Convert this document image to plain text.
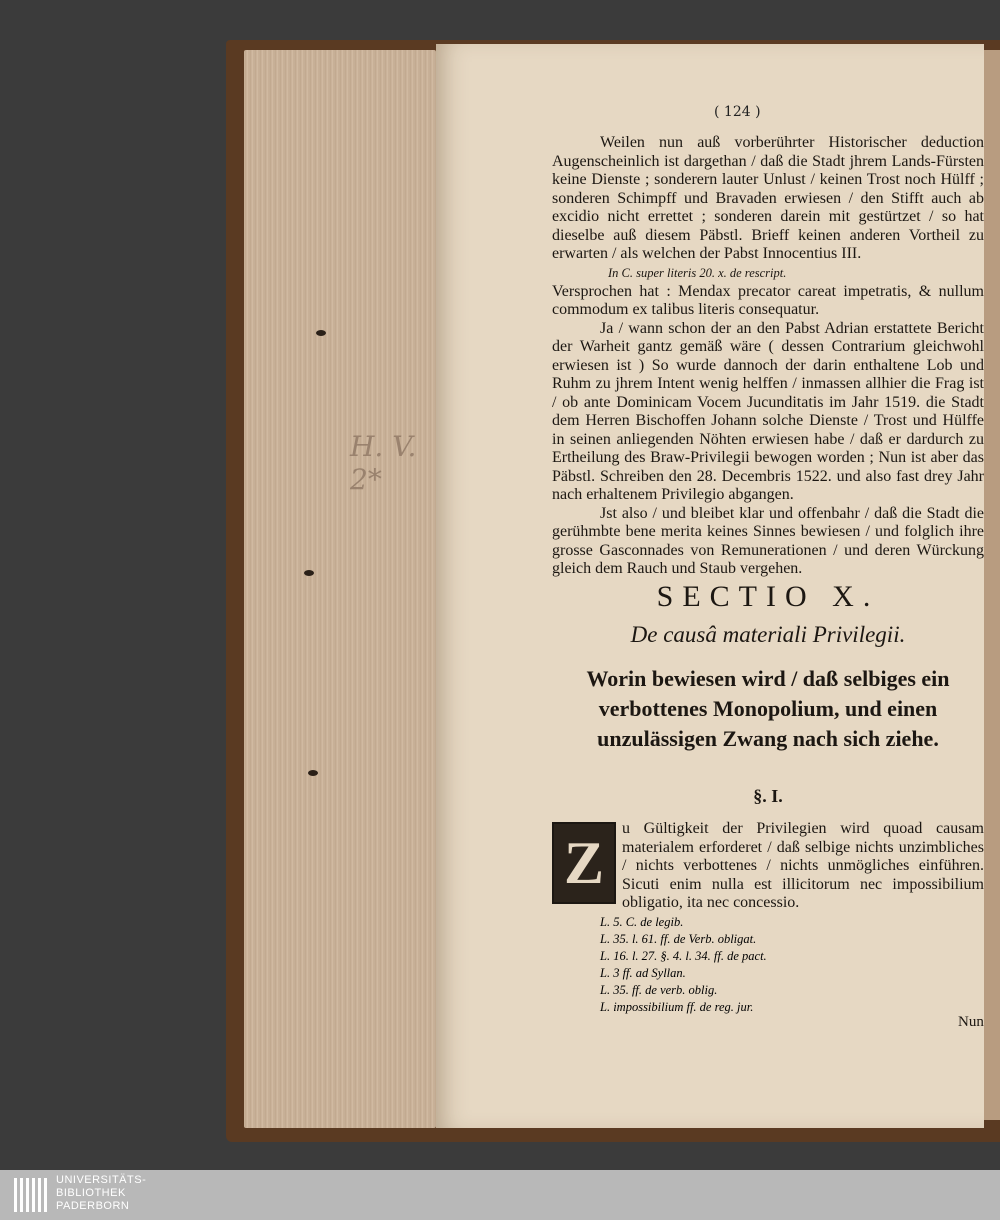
H. V. 2*
( 124 )

Weilen nun auß vorberührter Historischer deduction Augenscheinlich ist dargethan / daß die Stadt jhrem Lands-Fürsten keine Dienste ; sonderern lauter Unlust / keinen Trost noch Hülff ; sonderen Schimpff und Bravaden erwiesen / den Stifft auch ab excidio nicht errettet ; sonderen darein mit gestürtzet / so hat dieselbe auß diesem Päbstl. Brieff keinen anderen Vortheil zu erwarten / als welchen der Pabst Innocentius III.

In C. super literis 20. x. de rescript.

Versprochen hat : Mendax precator careat impetratis, & nullum commodum ex talibus literis consequatur.

Ja / wann schon der an den Pabst Adrian erstattete Bericht der Warheit gantz gemäß wäre ( dessen Contrarium gleichwohl erwiesen ist ) So wurde dannoch der darin enthaltene Lob und Ruhm zu jhrem Intent wenig helffen / inmassen allhier die Frag ist / ob ante Dominicam Vocem Jucunditatis im Jahr 1519. die Stadt dem Herren Bischoffen Johann solche Dienste / Trost und Hülffe in seinen anliegenden Nöhten erwiesen habe / daß er dardurch zu Ertheilung des Braw-Privilegii bewogen worden ; Nun ist aber das Päbstl. Schreiben den 28. Decembris 1522. und also fast drey Jahr nach erhaltenem Privilegio abgangen.

Jst also / und bleibet klar und offenbahr / daß die Stadt die gerühmbte bene merita keines Sinnes bewiesen / und folglich ihre grosse Gasconnades von Remunerationen / und deren Würckung gleich dem Rauch und Staub vergehen.

SECTIO X.
De causâ materiali Privilegii.
Worin bewiesen wird / daß selbiges ein verbottenes Monopolium, und einen unzulässigen Zwang nach sich ziehe.
§. I.
Z

u Gültigkeit der Privilegien wird quoad causam materialem erforderet / daß selbige nichts unzimbliches / nichts verbottenes / nichts unmögliches einführen. Sicuti enim nulla est illicitorum nec impossibilium obligatio, ita nec concessio.

L. 5. C. de legib.

L. 35. l. 61. ff. de Verb. obligat.

L. 16. l. 27. §. 4. l. 34. ff. de pact.

L. 3 ff. ad Syllan.

L. 35. ff. de verb. oblig.

L. impossibilium ff. de reg. jur.

Nun
UNIVERSITÄTS-
BIBLIOTHEK
PADERBORN
